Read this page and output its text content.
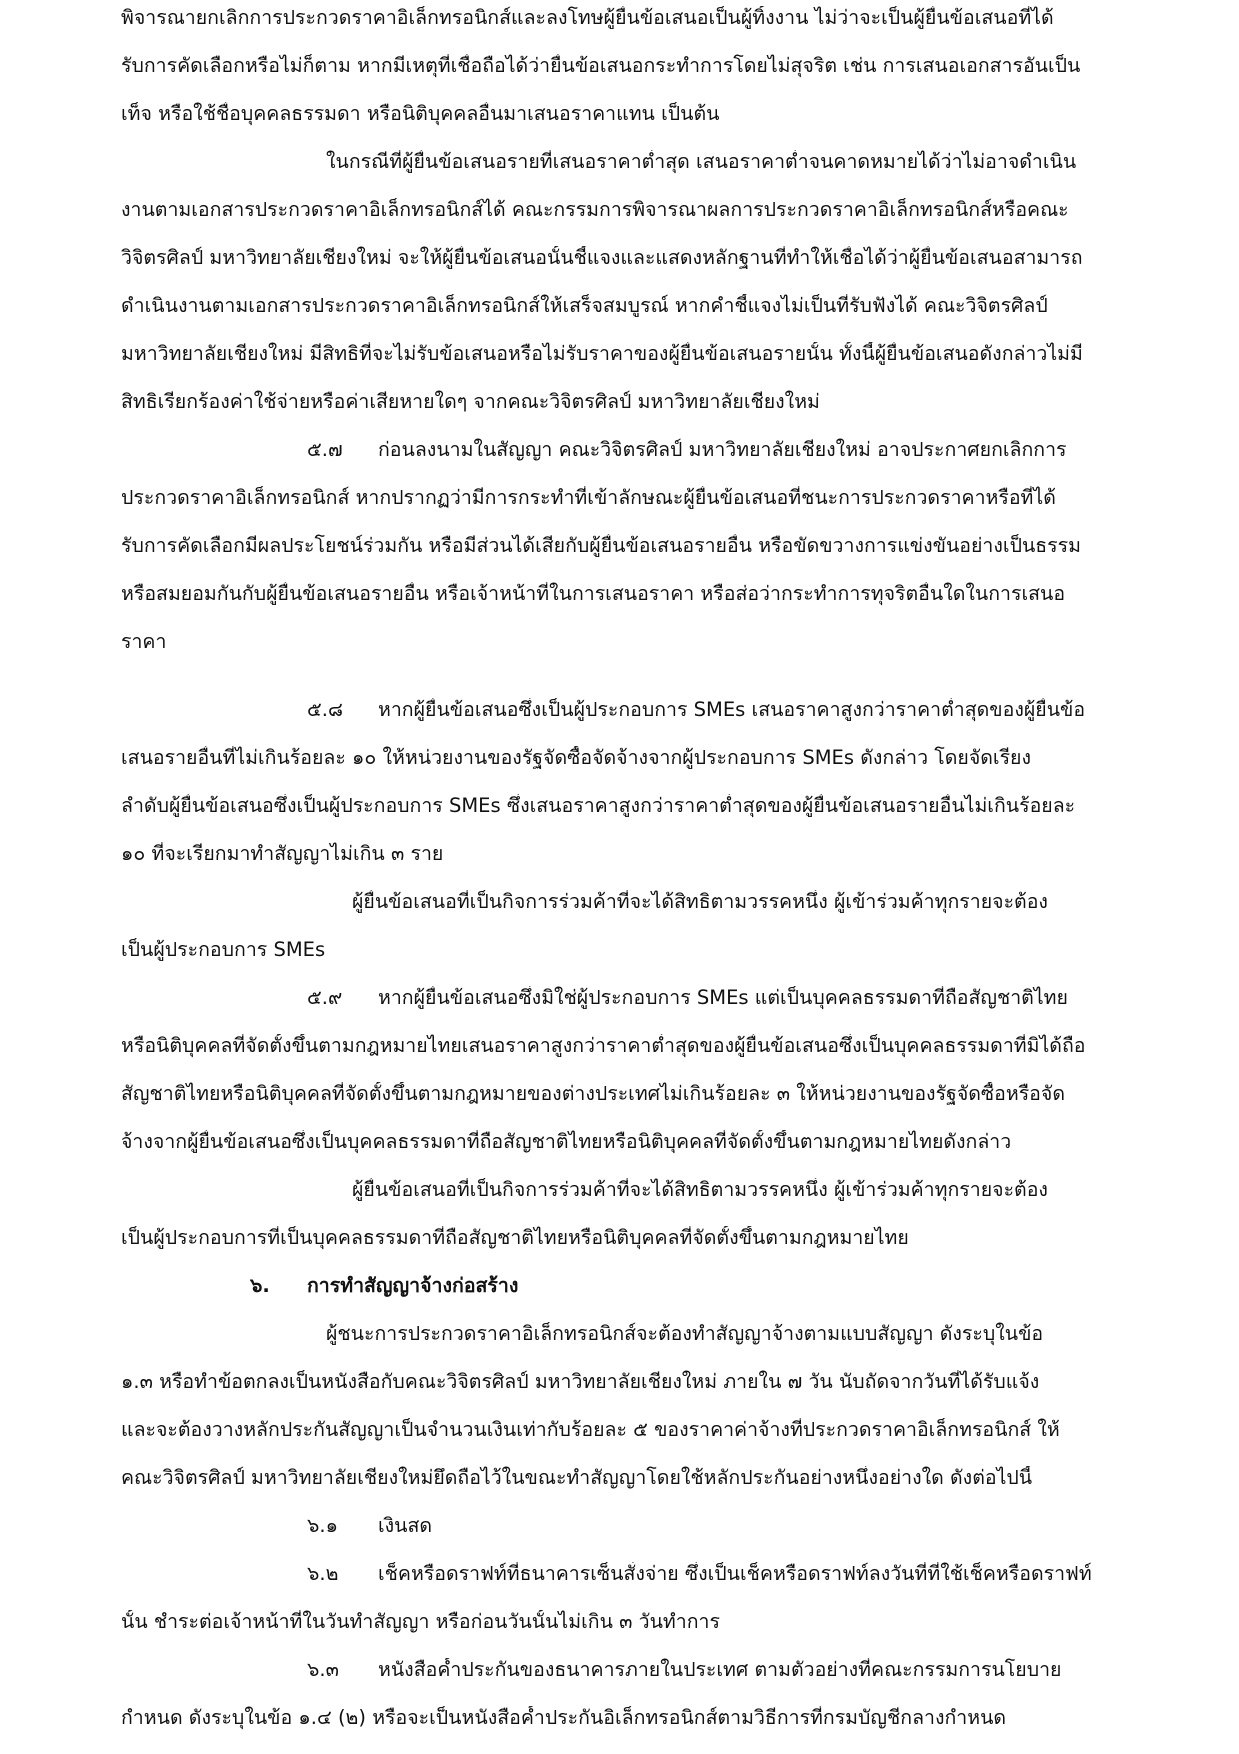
พิจารณายกเลิกการประกวดราคาอิเล็กทรอนิกส์และลงโทษผู้ยื่นข้อเสนอเป็นผู้ทิ้งงาน ไม่ว่าจะเป็นผู้ยื่นข้อเสนอที่ได้
รับการคัดเลือกหรือไม่ก็ตาม หากมีเหตุที่เชื่อถือได้ว่ายื่นข้อเสนอกระทำการโดยไม่สุจริต เช่น การเสนอเอกสารอันเป็น
เท็จ หรือใช้ชื่อบุคคลธรรมดา หรือนิติบุคคลอื่นมาเสนอราคาแทน เป็นต้น
ในกรณีที่ผู้ยื่นข้อเสนอรายที่เสนอราคาต่ำสุด เสนอราคาต่ำจนคาดหมายได้ว่าไม่อาจดำเนิน
งานตามเอกสารประกวดราคาอิเล็กทรอนิกส์ได้ คณะกรรมการพิจารณาผลการประกวดราคาอิเล็กทรอนิกส์หรือคณะ
วิจิตรศิลป์ มหาวิทยาลัยเชียงใหม่ จะให้ผู้ยื่นข้อเสนอนั้นชี้แจงและแสดงหลักฐานที่ทำให้เชื่อได้ว่าผู้ยื่นข้อเสนอสามารถ
ดำเนินงานตามเอกสารประกวดราคาอิเล็กทรอนิกส์ให้เสร็จสมบูรณ์ หากคำชี้แจงไม่เป็นที่รับฟังได้ คณะวิจิตรศิลป์
มหาวิทยาลัยเชียงใหม่ มีสิทธิที่จะไม่รับข้อเสนอหรือไม่รับราคาของผู้ยื่นข้อเสนอรายนั้น ทั้งนี้ผู้ยื่นข้อเสนอดังกล่าวไม่มี
สิทธิเรียกร้องค่าใช้จ่ายหรือค่าเสียหายใดๆ จากคณะวิจิตรศิลป์ มหาวิทยาลัยเชียงใหม่
๕.๗	ก่อนลงนามในสัญญา คณะวิจิตรศิลป์ มหาวิทยาลัยเชียงใหม่ อาจประกาศยกเลิกการ
ประกวดราคาอิเล็กทรอนิกส์ หากปรากฏว่ามีการกระทำที่เข้าลักษณะผู้ยื่นข้อเสนอที่ชนะการประกวดราคาหรือที่ได้
รับการคัดเลือกมีผลประโยชน์ร่วมกัน หรือมีส่วนได้เสียกับผู้ยื่นข้อเสนอรายอื่น หรือขัดขวางการแข่งขันอย่างเป็นธรรม
หรือสมยอมกันกับผู้ยื่นข้อเสนอรายอื่น หรือเจ้าหน้าที่ในการเสนอราคา หรือส่อว่ากระทำการทุจริตอื่นใดในการเสนอ
ราคา
๕.๘	หากผู้ยื่นข้อเสนอซึ่งเป็นผู้ประกอบการ SMEs เสนอราคาสูงกว่าราคาต่ำสุดของผู้ยื่นข้อ
เสนอรายอื่นที่ไม่เกินร้อยละ ๑๐ ให้หน่วยงานของรัฐจัดซื้อจัดจ้างจากผู้ประกอบการ SMEs ดังกล่าว โดยจัดเรียง
ลำดับผู้ยื่นข้อเสนอซึ่งเป็นผู้ประกอบการ SMEs ซึ่งเสนอราคาสูงกว่าราคาต่ำสุดของผู้ยื่นข้อเสนอรายอื่นไม่เกินร้อยละ
๑๐ ที่จะเรียกมาทำสัญญาไม่เกิน ๓ ราย
ผู้ยื่นข้อเสนอที่เป็นกิจการร่วมค้าที่จะได้สิทธิตามวรรคหนึ่ง ผู้เข้าร่วมค้าทุกรายจะต้อง
เป็นผู้ประกอบการ SMEs
๕.๙	หากผู้ยื่นข้อเสนอซึ่งมิใช่ผู้ประกอบการ SMEs แต่เป็นบุคคลธรรมดาที่ถือสัญชาติไทย
หรือนิติบุคคลที่จัดตั้งขึ้นตามกฎหมายไทยเสนอราคาสูงกว่าราคาต่ำสุดของผู้ยื่นข้อเสนอซึ่งเป็นบุคคลธรรมดาที่มิได้ถือ
สัญชาติไทยหรือนิติบุคคลที่จัดตั้งขึ้นตามกฎหมายของต่างประเทศไม่เกินร้อยละ ๓ ให้หน่วยงานของรัฐจัดซื้อหรือจัด
จ้างจากผู้ยื่นข้อเสนอซึ่งเป็นบุคคลธรรมดาที่ถือสัญชาติไทยหรือนิติบุคคลที่จัดตั้งขึ้นตามกฎหมายไทยดังกล่าว
ผู้ยื่นข้อเสนอที่เป็นกิจการร่วมค้าที่จะได้สิทธิตามวรรคหนึ่ง ผู้เข้าร่วมค้าทุกรายจะต้อง
เป็นผู้ประกอบการที่เป็นบุคคลธรรมดาที่ถือสัญชาติไทยหรือนิติบุคคลที่จัดตั้งขึ้นตามกฎหมายไทย
๖.	การทำสัญญาจ้างก่อสร้าง
ผู้ชนะการประกวดราคาอิเล็กทรอนิกส์จะต้องทำสัญญาจ้างตามแบบสัญญา ดังระบุในข้อ
๑.๓ หรือทำข้อตกลงเป็นหนังสือกับคณะวิจิตรศิลป์ มหาวิทยาลัยเชียงใหม่ ภายใน ๗ วัน นับถัดจากวันที่ได้รับแจ้ง
และจะต้องวางหลักประกันสัญญาเป็นจำนวนเงินเท่ากับร้อยละ ๕ ของราคาค่าจ้างที่ประกวดราคาอิเล็กทรอนิกส์ ให้
คณะวิจิตรศิลป์ มหาวิทยาลัยเชียงใหม่ยึดถือไว้ในขณะทำสัญญาโดยใช้หลักประกันอย่างหนึ่งอย่างใด ดังต่อไปนี้
๖.๑	เงินสด
๖.๒	เช็คหรือดราฟท์ที่ธนาคารเซ็นสั่งจ่าย ซึ่งเป็นเช็คหรือดราฟท์ลงวันที่ที่ใช้เช็คหรือดราฟท์
นั้น ชำระต่อเจ้าหน้าที่ในวันทำสัญญา หรือก่อนวันนั้นไม่เกิน ๓ วันทำการ
๖.๓	หนังสือค้ำประกันของธนาคารภายในประเทศ ตามตัวอย่างที่คณะกรรมการนโยบาย
กำหนด ดังระบุในข้อ ๑.๔ (๒) หรือจะเป็นหนังสือค้ำประกันอิเล็กทรอนิกส์ตามวิธีการที่กรมบัญชีกลางกำหนด
